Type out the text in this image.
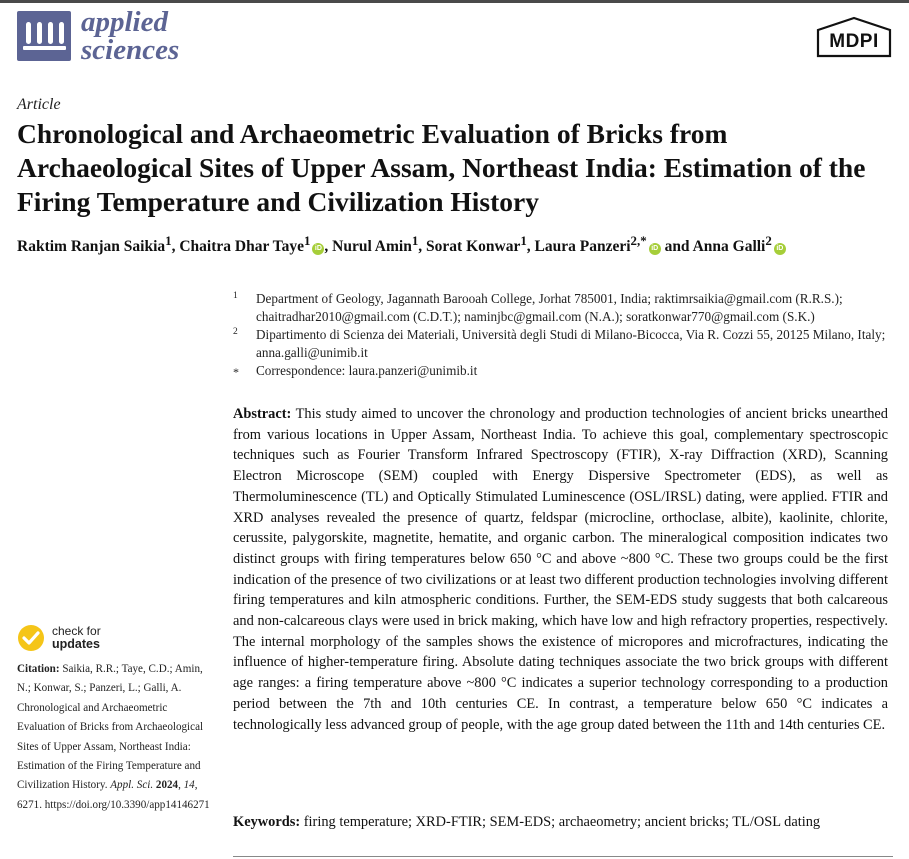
applied
sciences	MDPI
Article
Chronological and Archaeometric Evaluation of Bricks from Archaeological Sites of Upper Assam, Northeast India: Estimation of the Firing Temperature and Civilization History
Raktim Ranjan Saikia$^1$, Chaitra Dhar Taye$^1$iD , Nurul Amin$^1$, Sorat Konwar$^1$, Laura Panzeri$^{2,*}$iD and Anna Galli$^2$iD
1 Department of Geology, Jagannath Barooah College, Jorhat 785001, India; raktimrsaikia@gmail.com (R.R.S.); chaitradhar2010@gmail.com (C.D.T.); naminjbc@gmail.com (N.A.); soratkonwar770@gmail.com (S.K.)
2 Dipartimento di Scienza dei Materiali, Università degli Studi di Milano-Bicocca, Via R. Cozzi 55, 20125 Milano, Italy; anna.galli@unimib.it
* Correspondence: laura.panzeri@unimib.it

Abstract: This study aimed to uncover the chronology and production technologies of ancient bricks unearthed from various locations in Upper Assam, Northeast India. To achieve this goal, complementary spectroscopic techniques such as Fourier Transform Infrared Spectroscopy (FTIR), X-ray Diffraction (XRD), Scanning Electron Microscope (SEM) coupled with Energy Dispersive Spectrometer (EDS), as well as Thermoluminescence (TL) and Optically Stimulated Luminescence (OSL/IRSL) dating, were applied. FTIR and XRD analyses revealed the presence of quartz, feldspar (microcline, orthoclase, albite), kaolinite, chlorite, cerussite, palygorskite, magnetite, hematite, and organic carbon. The mineralogical composition indicates two distinct groups with firing temperatures below 650 °C and above ~800 °C. These two groups could be the first indication of the presence of two civilizations or at least two different production technologies involving different firing temperatures and kiln atmospheric conditions. Further, the SEM-EDS study suggests that both calcareous and non-calcareous clays were used in brick making, which have low and high refractory properties, respectively. The internal morphology of the samples shows the existence of micropores and microfractures, indicating the influence of higher-temperature firing. Absolute dating techniques associate the two brick groups with different age ranges: a firing temperature above ~800 °C indicates a superior technology corresponding to a production period between the 7th and 10th centuries CE. In contrast, a temperature below 650 °C indicates a technologically less advanced group of people, with the age group dated between the 11th and 14th centuries CE.

Keywords: firing temperature; XRD-FTIR; SEM-EDS; archaeometry; ancient bricks; TL/OSL dating
check for
updates
Citation: Saikia, R.R.; Taye, C.D.; Amin, N.; Konwar, S.; Panzeri, L.; Galli, A. Chronological and Archaeometric Evaluation of Bricks from Archaeological Sites of Upper Assam, Northeast India: Estimation of the Firing Temperature and Civilization History. Appl. Sci. 2024, 14, 6271. https://doi.org/10.3390/app14146271
